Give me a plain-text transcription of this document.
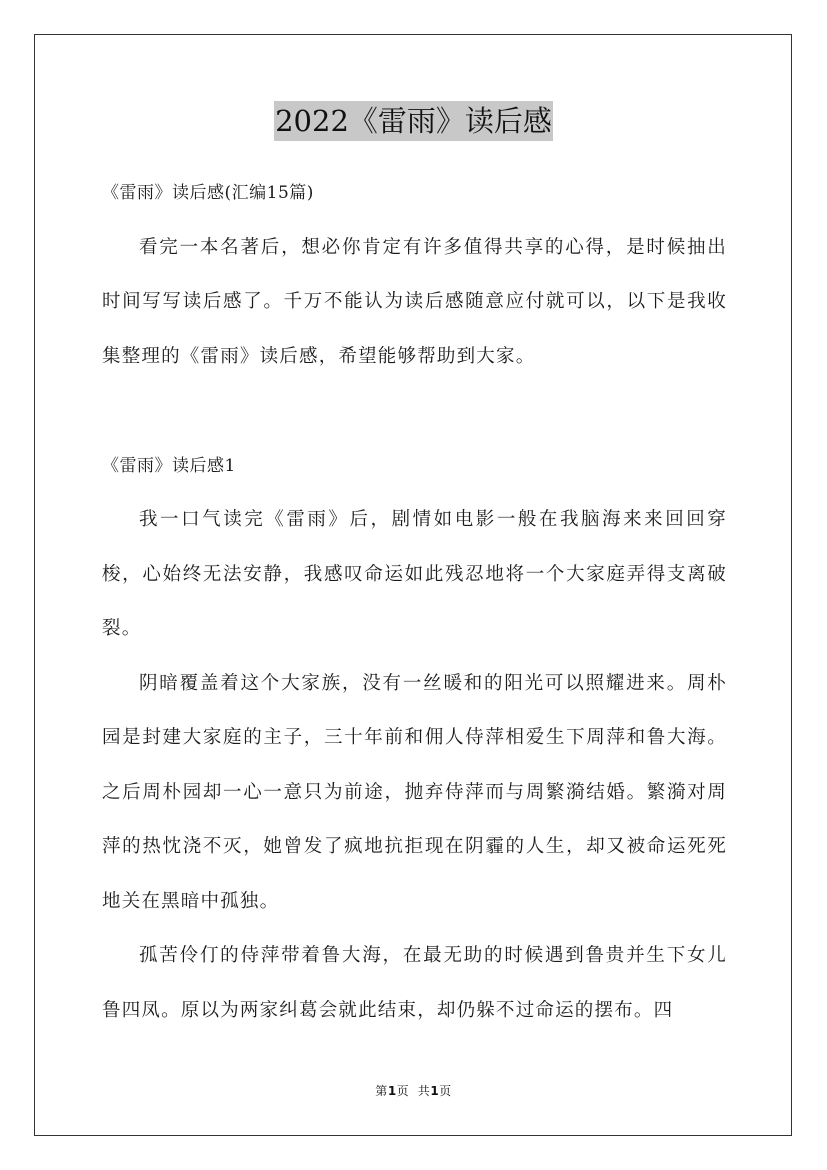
2022《雷雨》读后感

《雷雨》读后感(汇编15篇)

看完一本名著后，想必你肯定有许多值得共享的心得，是时候抽出时间写写读后感了。千万不能认为读后感随意应付就可以，以下是我收集整理的《雷雨》读后感，希望能够帮助到大家。

《雷雨》读后感1

我一口气读完《雷雨》后，剧情如电影一般在我脑海来来回回穿梭，心始终无法安静，我感叹命运如此残忍地将一个大家庭弄得支离破裂。

阴暗覆盖着这个大家族，没有一丝暖和的阳光可以照耀进来。周朴园是封建大家庭的主子，三十年前和佣人侍萍相爱生下周萍和鲁大海。之后周朴园却一心一意只为前途，抛弃侍萍而与周繁漪结婚。繁漪对周萍的热忱浇不灭，她曾发了疯地抗拒现在阴霾的人生，却又被命运死死地关在黑暗中孤独。

孤苦伶仃的侍萍带着鲁大海，在最无助的时候遇到鲁贵并生下女儿鲁四凤。原以为两家纠葛会就此结束，却仍躲不过命运的摆布。四

第1页  共1页
